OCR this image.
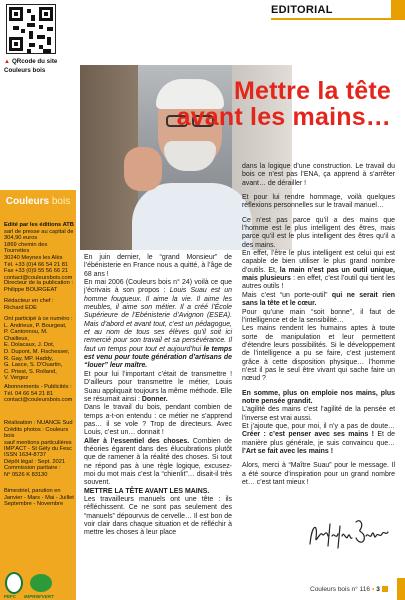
EDITORIAL
▲ QRcode du site
Couleurs bois
Mettre la tête
avant les mains…
Couleurs bois
Edité par les éditions ATB
sarl de presse au capital de
304,90 euros
1869 chemin des Tourrettes
30240 Meynes les Alès
Tél. +33 (0)4 66 54 21 81
Fax +33 (0)9 55 56 66 21
contact@couleursbois.com
Directeur de la publication :
Philippe BOURGEAT
Rédacteur en chef :
Richard EDE
Ont participé à ce numéro :
L. Andrieux, P. Bourgeat,
P. Cantonnou, M. Chailleux,
E. Dolacaux, J. Dot,
D. Dupont, M. Fischesser,
R. Gay, MP. Haddy,
G. Lasce, S. D'Ouartin,
C. Priest, S. Rolland,
V. Vergez
Abonnements - Publicités :
Tél. 04 66 54 21 81
contact@couleursbois.com
Réalisation : NUANCE Sud
Crédits photos : Couleurs bois
sauf mentions particulières
IMP'ACT - St Gély du Fesc
ISSN 1634-8737
Dépôt légal : Sept. 2021
Commission paritaire :
N° 0526 K 83130
Bimestriel, parution en
Janvier - Mars - Mai - Juillet
Septembre - Novembre
PEFC IMPRIM'VERT

En juin dernier, le “grand Monsieur” de l’ébénisterie en France nous a quitté, à l’âge de 68 ans !

En mai 2006 (Couleurs bois n° 24) voilà ce que j’écrivais à son propos : Louis Suau est un homme fougueux. Il aime la vie. Il aime les meubles, il aime son métier. Il a créé l’École Supérieure de l’Ebénisterie d’Avignon (ESEA). Mais d’abord et avant tout, c’est un pédagogue, et au nom de tous ses élèves qu’il soit ici remercié pour son travail et sa persévérance. Il faut un temps pour tout et aujourd’hui le temps est venu pour toute génération d’artisans de “louer” leur maître.

Et pour lui l’important c’était de transmettre ! D’ailleurs pour transmettre le métier, Louis Suau appliquait toujours la même méthode. Elle se résumait ainsi : Donner.

Dans le travail du bois, pendant combien de temps a-t-on entendu : ce métier ne s’apprend pas… il se vole ? Trop de directeurs. Avec Louis, c’est un… donnait !

Aller à l’essentiel des choses. Combien de théories égarent dans des élucubrations plutôt que de ramener à la réalité des choses. Si tout ne répond pas à une règle logique, excusez-moi du mot mais c’est la “chienlit”… disait-il très souvent.

METTRE LA TÊTE AVANT LES MAINS.

Les travailleurs manuels ont une tête : ils réfléchissent. Ce ne sont pas seulement des “manuels” dépourvus de cervelle… Il est bon de voir clair dans chaque situation et de réfléchir à mettre les choses à leur place

dans la logique d’une construction. Le travail du bois ce n’est pas l’ENA, ça apprend à s’arrêter avant… de dérailler !

Et pour lui rendre hommage, voilà quelques réflexions personnelles sur le travail manuel…

Ce n’est pas parce qu’il a des mains que l’homme est le plus intelligent des êtres, mais parce qu’il est le plus intelligent des êtres qu’il a des mains.

En effet, l’être le plus intelligent est celui qui est capable de bien utiliser le plus grand nombre d’outils. Et, la main n’est pas un outil unique, mais plusieurs : en effet, c’est l’outil qui tient les autres outils !

Mais c’est “un porte-outil” qui ne serait rien sans la tête et le cœur.

Pour qu’une main “soit bonne”, il faut de l’intelligence et de la sensibilité…

Les mains rendent les humains aptes à toute sorte de manipulation et leur permettent d’étendre leurs possibilités. Si le développement de l’intelligence a pu se faire, c’est justement grâce à cette disposition physique… l’homme n’est il pas le seul être vivant qui sache faire un nœud ?

En somme, plus on emploie nos mains, plus notre pensée grandit.

L’agilité des mains c’est l’agilité de la pensée et l’inverse est vrai aussi.

Et j’ajoute que, pour moi, il n’y a pas de doute… Créer : c’est penser avec ses mains ! Et de manière plus générale, je suis convaincu que… l’Art se fait avec les mains !

Alors, merci à “Maître Suau” pour le message. Il a été source d’inspiration pour un grand nombre et… c’est tant mieux !

Couleurs bois n° 116 • 3
